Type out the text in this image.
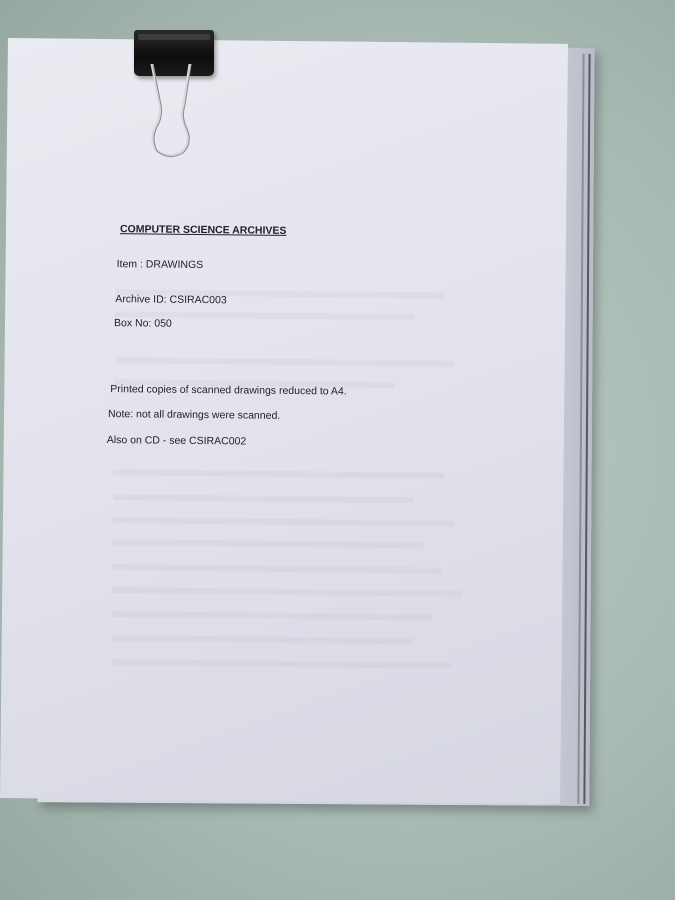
COMPUTER SCIENCE ARCHIVES
Item : DRAWINGS
Archive ID: CSIRAC003
Box No: 050
Printed copies of scanned drawings reduced to A4.
Note: not all drawings were scanned.
Also on CD - see CSIRAC002
